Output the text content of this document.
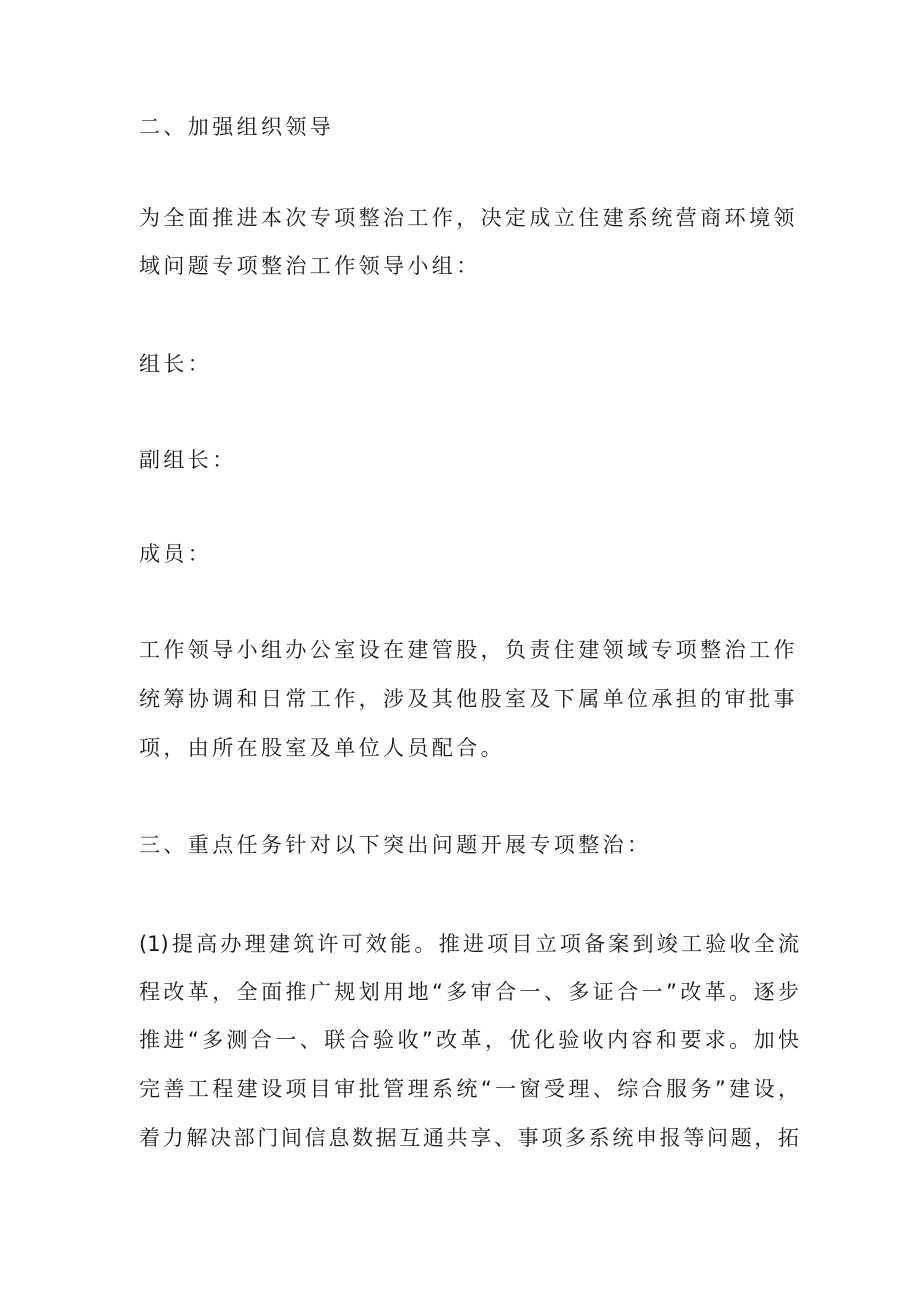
二、加强组织领导
为全面推进本次专项整治工作，决定成立住建系统营商环境领
域问题专项整治工作领导小组：
组长：
副组长：
成员：
工作领导小组办公室设在建管股，负责住建领域专项整治工作
统筹协调和日常工作，涉及其他股室及下属单位承担的审批事
项，由所在股室及单位人员配合。
三、重点任务针对以下突出问题开展专项整治：
(1)提高办理建筑许可效能。推进项目立项备案到竣工验收全流
程改革，全面推广规划用地“多审合一、多证合一”改革。逐步
推进“多测合一、联合验收”改革，优化验收内容和要求。加快
完善工程建设项目审批管理系统“一窗受理、综合服务”建设，
着力解决部门间信息数据互通共享、事项多系统申报等问题，拓
